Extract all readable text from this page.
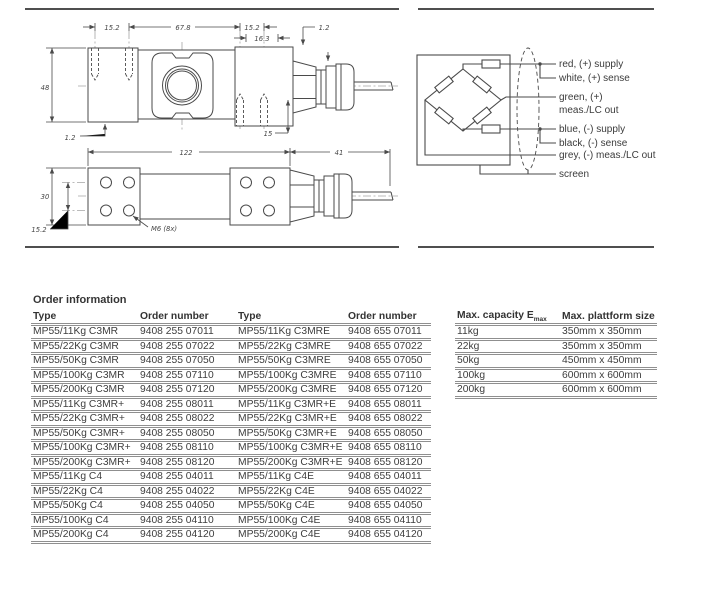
15.2	67.8	15.2
16.3
1.2
48
1.2	15
122	41
30
15.2	M6 (8x)
red, (+) supply
white, (+) sense
green, (+)
meas./LC out
blue, (-) supply
black, (-) sense
grey, (-) meas./LC out
screen
Order information
Type	Order number	Type	Order number
MP55/11Kg C3MR	9408 255 07011	MP55/11Kg C3MRE	9408 655 07011
MP55/22Kg C3MR	9408 255 07022	MP55/22Kg C3MRE	9408 655 07022
MP55/50Kg C3MR	9408 255 07050	MP55/50Kg C3MRE	9408 655 07050
MP55/100Kg C3MR	9408 255 07110	MP55/100Kg C3MRE	9408 655 07110
MP55/200Kg C3MR	9408 255 07120	MP55/200Kg C3MRE	9408 655 07120
MP55/11Kg C3MR+	9408 255 08011	MP55/11Kg C3MR+E	9408 655 08011
MP55/22Kg C3MR+	9408 255 08022	MP55/22Kg C3MR+E	9408 655 08022
MP55/50Kg C3MR+	9408 255 08050	MP55/50Kg C3MR+E	9408 655 08050
MP55/100Kg C3MR+	9408 255 08110	MP55/100Kg C3MR+E	9408 655 08110
MP55/200Kg C3MR+	9408 255 08120	MP55/200Kg C3MR+E	9408 655 08120
MP55/11Kg C4	9408 255 04011	MP55/11Kg C4E	9408 655 04011
MP55/22Kg C4	9408 255 04022	MP55/22Kg C4E	9408 655 04022
MP55/50Kg C4	9408 255 04050	MP55/50Kg C4E	9408 655 04050
MP55/100Kg C4	9408 255 04110	MP55/100Kg C4E	9408 655 04110
MP55/200Kg C4	9408 255 04120	MP55/200Kg C4E	9408 655 04120
Max. capacity $E_{max}$	Max. plattform size
11kg	350mm x 350mm
22kg	350mm x 350mm
50kg	450mm x 450mm
100kg	600mm x 600mm
200kg	600mm x 600mm
